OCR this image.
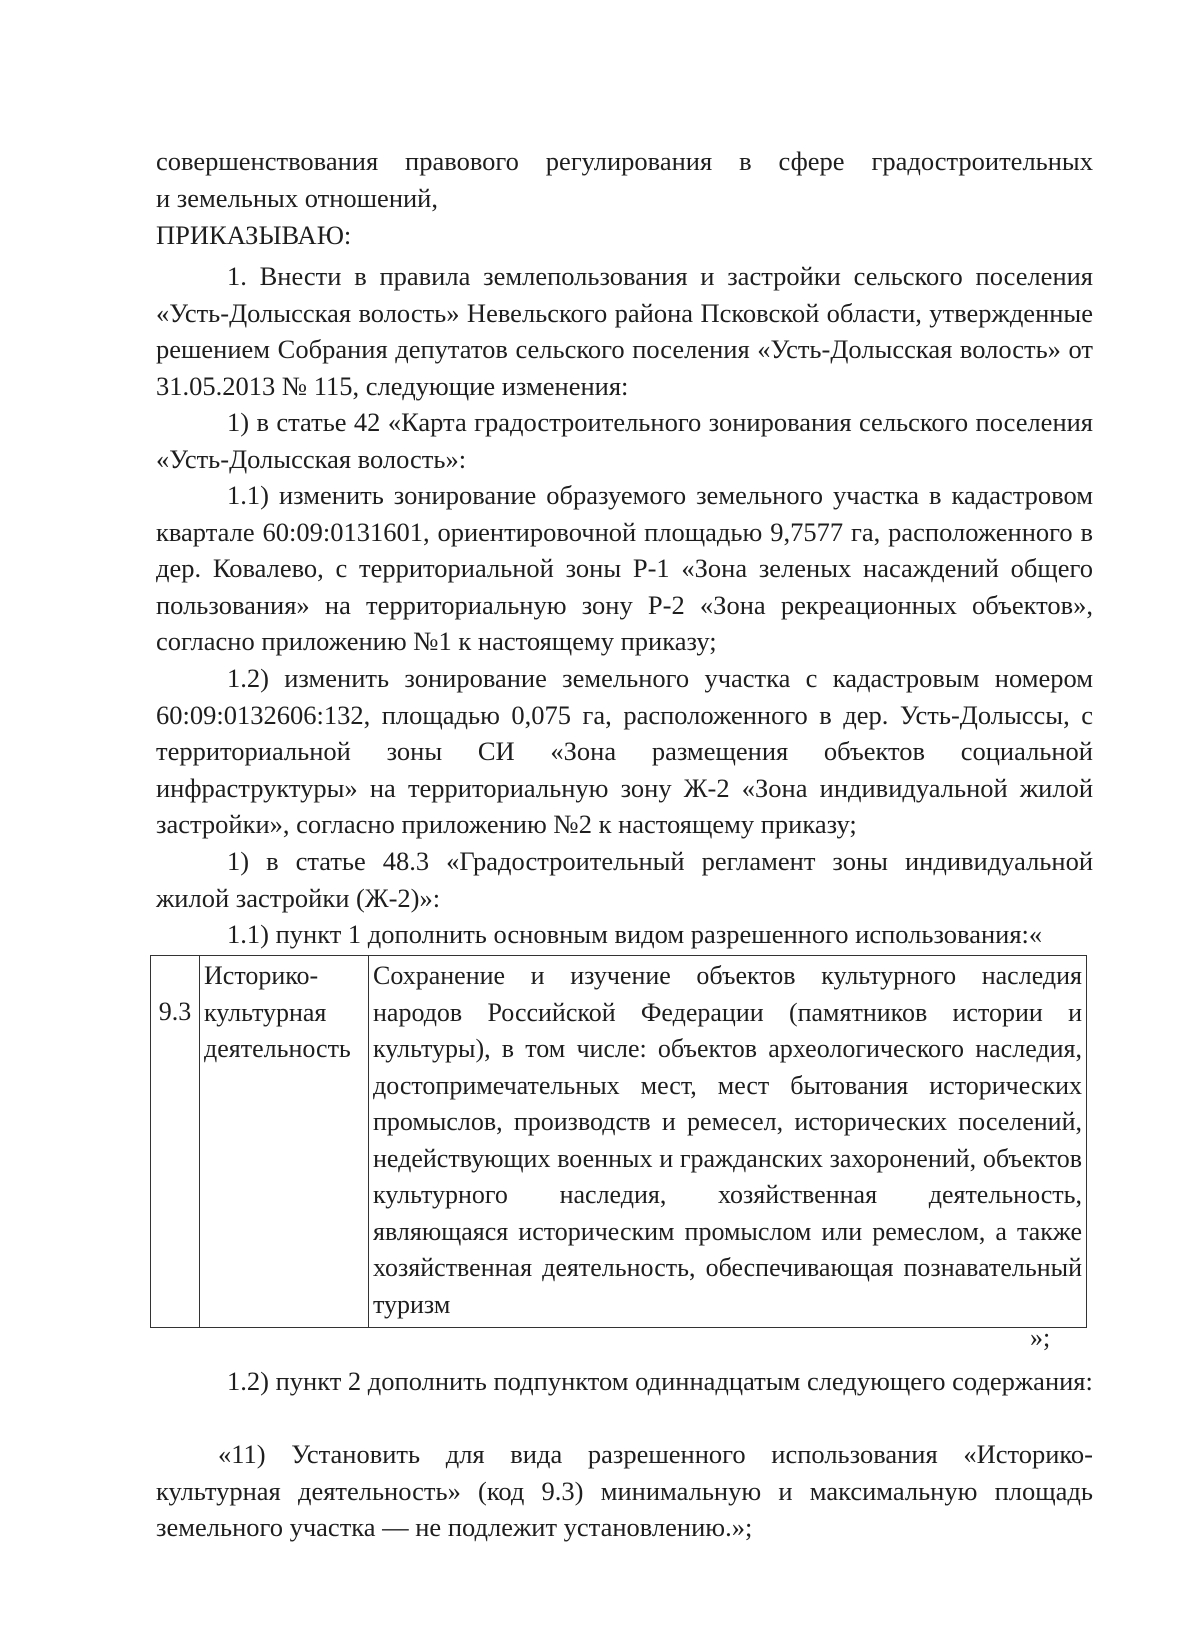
совершенствования правового регулирования в сфере градостроительных

и земельных отношений,

ПРИКАЗЫВАЮ:

1. Внести в правила землепользования и застройки сельского поселения «Усть-Долысская волость» Невельского района Псковской области, утвержденные решением Собрания депутатов сельского поселения «Усть-Долысская волость» от 31.05.2013 № 115, следующие изменения:

1) в статье 42 «Карта градостроительного зонирования сельского поселения «Усть-Долысская волость»:

1.1) изменить зонирование образуемого земельного участка в кадастровом квартале 60:09:0131601, ориентировочной площадью 9,7577 га, расположенного в дер. Ковалево, с территориальной зоны Р-1 «Зона зеленых насаждений общего пользования» на территориальную зону Р-2 «Зона рекреационных объектов», согласно приложению №1 к настоящему приказу;

1.2) изменить зонирование земельного участка с кадастровым номером 60:09:0132606:132, площадью 0,075 га, расположенного в дер. Усть-Долыссы, с территориальной зоны СИ «Зона размещения объектов социальной инфраструктуры» на территориальную зону Ж-2 «Зона индивидуальной жилой застройки», согласно приложению №2 к настоящему приказу;

1) в статье 48.3 «Градостроительный регламент зоны индивидуальной жилой застройки (Ж-2)»:

1.1) пункт 1 дополнить основным видом разрешенного использования:«

9.3	Историко-культурная деятельность	Сохранение и изучение объектов культурного наследия народов Российской Федерации (памятников истории и культуры), в том числе: объектов археологического наследия, достопримечательных мест, мест бытования исторических промыслов, производств и ремесел, исторических поселений, недействующих военных и гражданских захоронений, объектов культурного наследия, хозяйственная деятельность, являющаяся историческим промыслом или ремеслом, а также хозяйственная деятельность, обеспечивающая познавательный туризм
»;

1.2) пункт 2 дополнить подпунктом одиннадцатым следующего содержания:

«11) Установить для вида разрешенного использования «Историко-культурная деятельность» (код 9.3) минимальную и максимальную площадь земельного участка — не подлежит установлению.»;
